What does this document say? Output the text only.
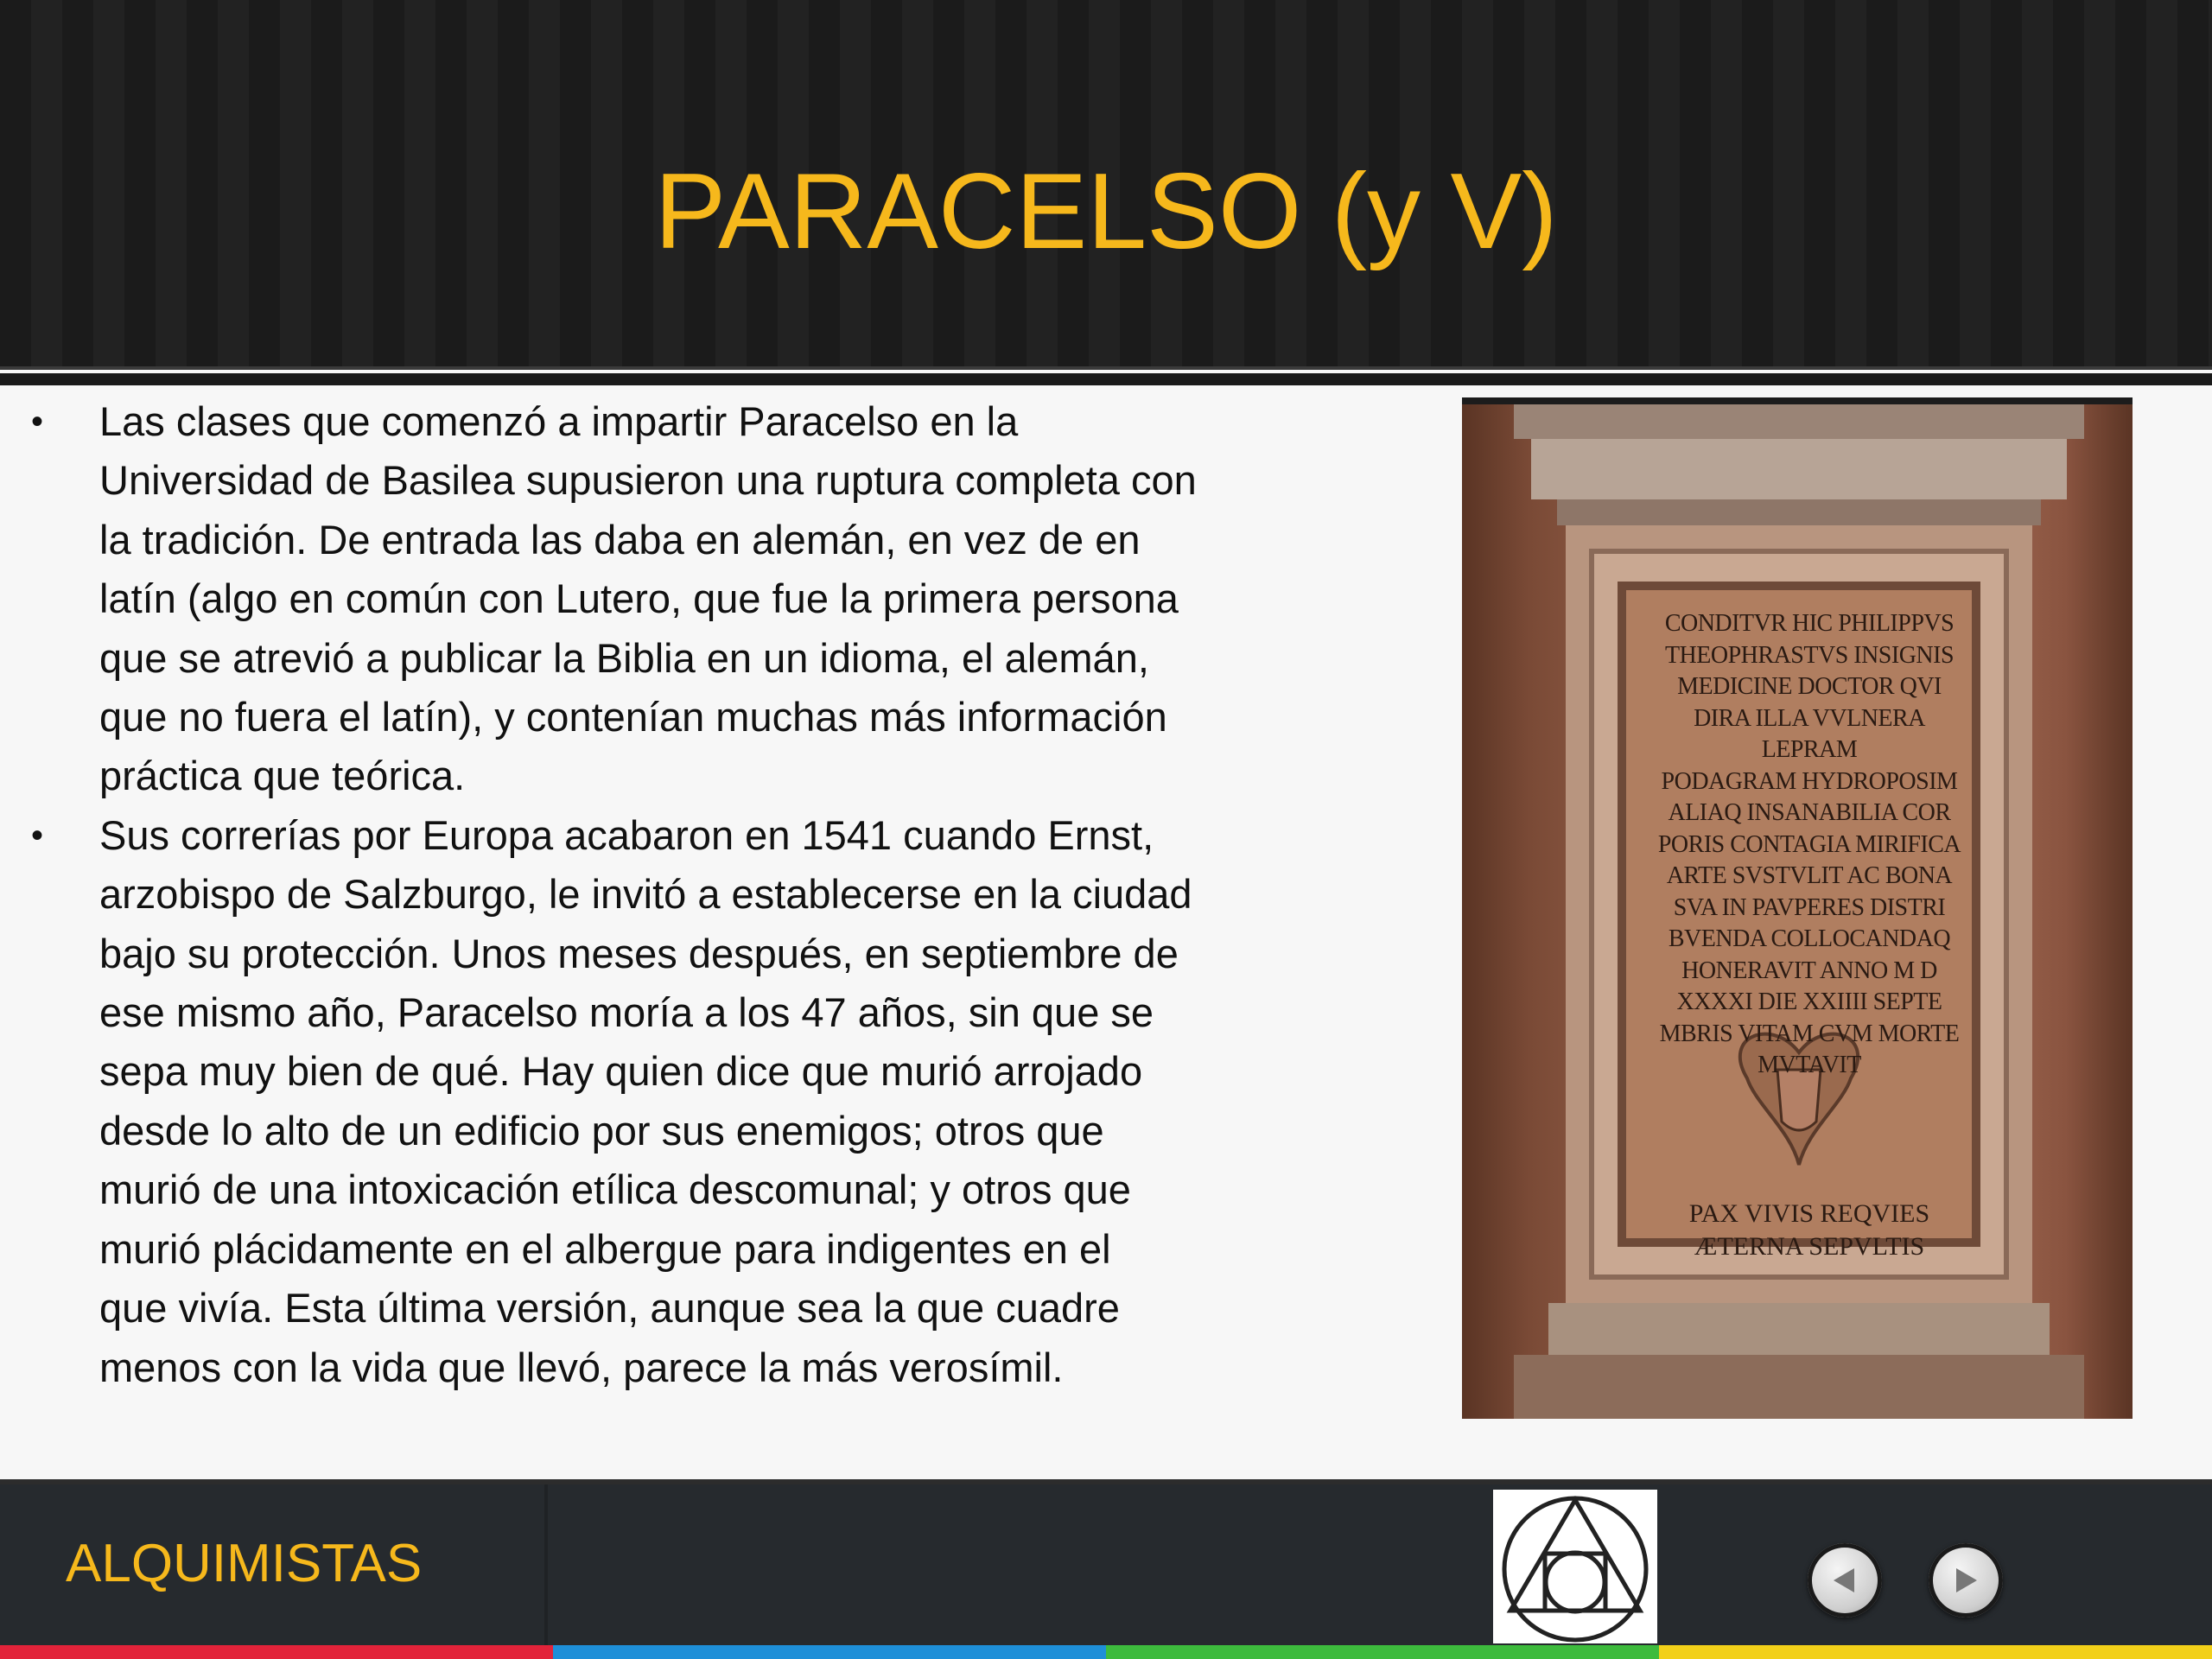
PARACELSO (y V)
• Las clases que comenzó a impartir Paracelso en la
Universidad de Basilea supusieron una ruptura completa con
la tradición. De entrada las daba en alemán, en vez de en
latín (algo en común con Lutero, que fue la primera persona
que se atrevió a publicar la Biblia en un idioma, el alemán,
que no fuera el latín), y contenían muchas más información
práctica que teórica.
• Sus correrías por Europa acabaron en 1541 cuando Ernst,
arzobispo de Salzburgo, le invitó a establecerse en la ciudad
bajo su protección. Unos meses después, en septiembre de
ese mismo año, Paracelso moría a los 47 años, sin que se
sepa muy bien de qué. Hay quien dice que murió arrojado
desde lo alto de un edificio por sus enemigos; otros que
murió de una intoxicación etílica descomunal; y otros que
murió plácidamente en el albergue para indigentes en el
que vivía. Esta última versión, aunque sea la que cuadre
menos con la vida que llevó, parece la más verosímil.
CONDITVR HIC PHILIPPVS
THEOPHRASTVS INSIGNIS
MEDICINE DOCTOR QVI
DIRA ILLA VVLNERA LEPRAM
PODAGRAM HYDROPOSIM
ALIAQ INSANABILIA COR
PORIS CONTAGIA MIRIFICA
ARTE SVSTVLIT AC BONA
SVA IN PAVPERES DISTRI
BVENDA COLLOCANDAQ
HONERAVIT ANNO M D
XXXXI DIE XXIIII SEPTE
MBRIS VITAM CVM MORTE
MVTAVIT
PAX VIVIS REQVIES
ÆTERNA SEPVLTIS
ALQUIMISTAS
